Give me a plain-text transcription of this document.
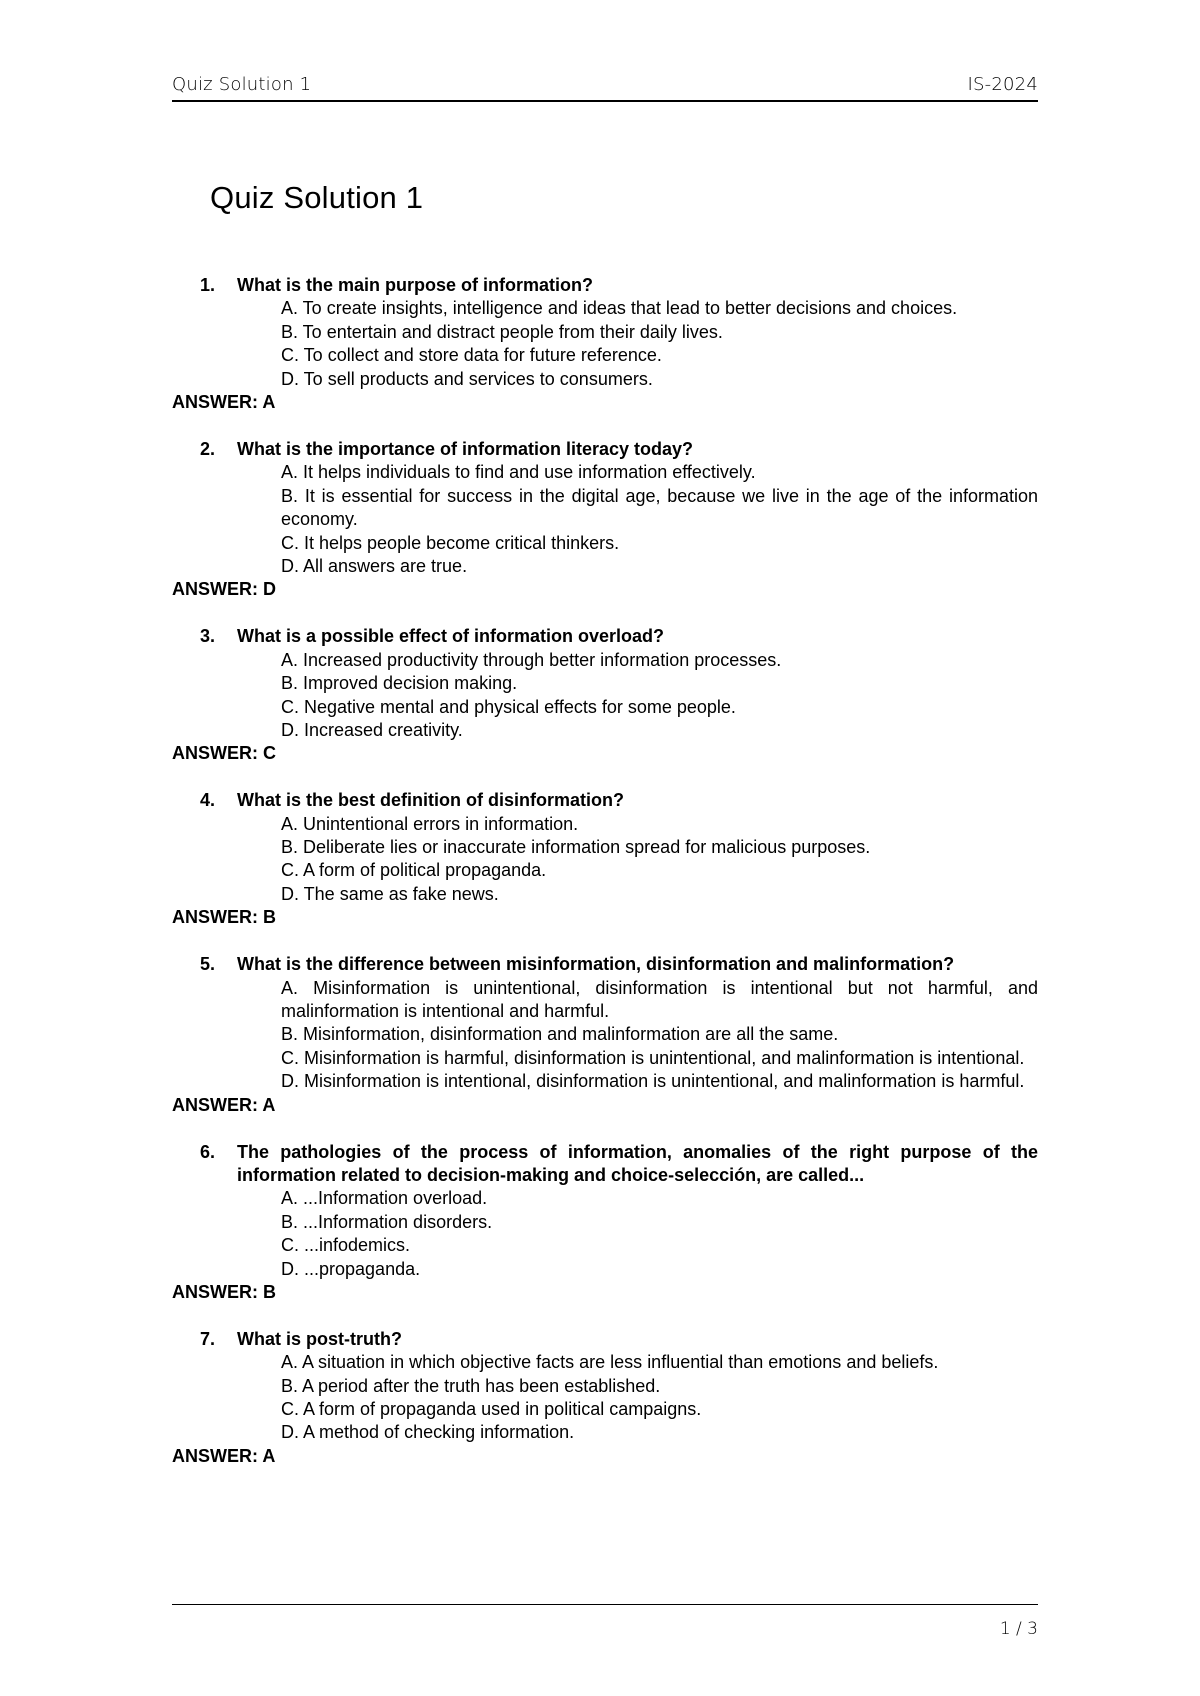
Quiz Solution 1	IS-2024
Quiz Solution 1
1.	What is the main purpose of information?
A. To create insights, intelligence and ideas that lead to better decisions and choices.
B. To entertain and distract people from their daily lives.
C. To collect and store data for future reference.
D. To sell products and services to consumers.
ANSWER: A
2.	What is the importance of information literacy today?
A. It helps individuals to find and use information effectively.
B. It is essential for success in the digital age, because we live in the age of the information economy.
C. It helps people become critical thinkers.
D. All answers are true.
ANSWER: D
3.	What is a possible effect of information overload?
A. Increased productivity through better information processes.
B. Improved decision making.
C. Negative mental and physical effects for some people.
D. Increased creativity.
ANSWER: C
4.	What is the best definition of disinformation?
A. Unintentional errors in information.
B. Deliberate lies or inaccurate information spread for malicious purposes.
C. A form of political propaganda.
D. The same as fake news.
ANSWER: B
5.	What is the difference between misinformation, disinformation and malinformation?
A. Misinformation is unintentional, disinformation is intentional but not harmful, and malinformation is intentional and harmful.
B. Misinformation, disinformation and malinformation are all the same.
C. Misinformation is harmful, disinformation is unintentional, and malinformation is intentional.
D. Misinformation is intentional, disinformation is unintentional, and malinformation is harmful.
ANSWER: A
6.	The pathologies of the process of information, anomalies of the right purpose of the information related to decision-making and choice-selección, are called...
A. ...Information overload.
B. ...Information disorders.
C. ...infodemics.
D. ...propaganda.
ANSWER: B
7.	What is post-truth?
A. A situation in which objective facts are less influential than emotions and beliefs.
B. A period after the truth has been established.
C. A form of propaganda used in political campaigns.
D. A method of checking information.
ANSWER: A
1 / 3
